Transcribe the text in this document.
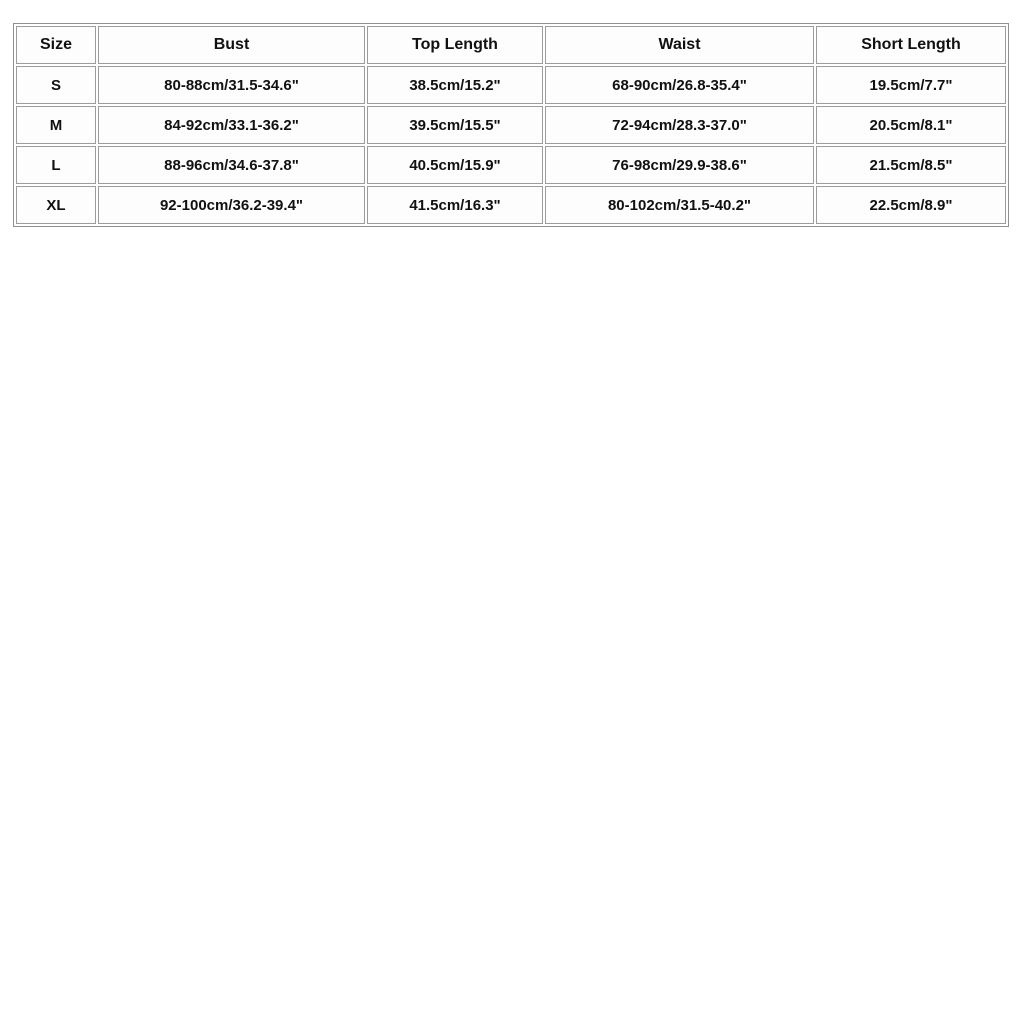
Size	Bust	Top Length	Waist	Short Length
S	80-88cm/31.5-34.6"	38.5cm/15.2"	68-90cm/26.8-35.4"	19.5cm/7.7"
M	84-92cm/33.1-36.2"	39.5cm/15.5"	72-94cm/28.3-37.0"	20.5cm/8.1"
L	88-96cm/34.6-37.8"	40.5cm/15.9"	76-98cm/29.9-38.6"	21.5cm/8.5"
XL	92-100cm/36.2-39.4"	41.5cm/16.3"	80-102cm/31.5-40.2"	22.5cm/8.9"
